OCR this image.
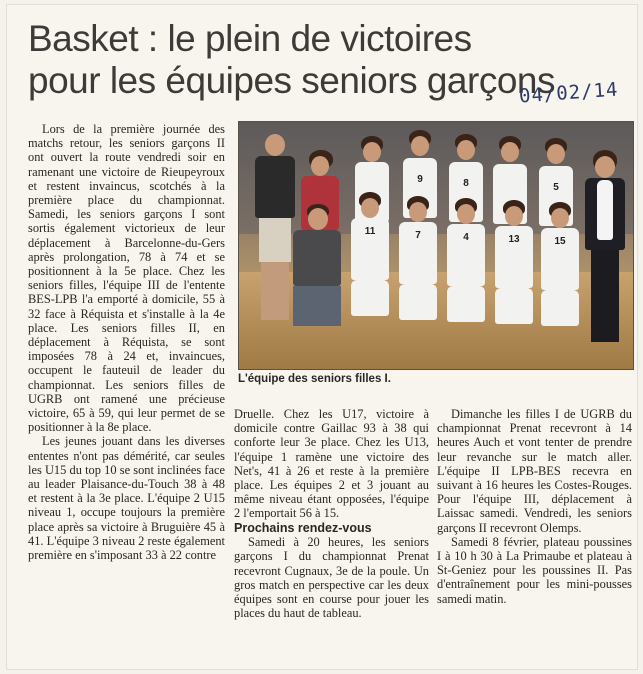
Basket : le plein de victoires
pour les équipes seniors garçons
04/02/14

Lors de la première journée des matchs retour, les seniors garçons II ont ouvert la route vendredi soir en ramenant une victoire de Rieupeyroux et restent invaincus, scotchés à la première place du championnat. Samedi, les seniors garçons I sont sortis également victorieux de leur déplacement à Barcelonne-du-Gers après prolongation, 78 à 74 et se positionnent à la 5e place. Chez les seniors filles, l'équipe III de l'entente BES-LPB l'a emporté à domicile, 55 à 32 face à Réquista et s'installe à la 4e place. Les seniors filles II, en déplacement à Réquista, se sont imposées 78 à 24 et, invaincues, occupent le fauteuil de leader du championnat. Les seniors filles de UGRB ont ramené une précieuse victoire, 65 à 59, qui leur permet de se positionner à la 8e place.

Les jeunes jouant dans les diverses ententes n'ont pas démérité, car seules les U15 du top 10 se sont inclinées face au leader Plaisance-du-Touch 38 à 48 et restent à la 3e place. L'équipe 2 U15 niveau 1, occupe toujours la première place après sa victoire à Bruguière 45 à 41. L'équipe 3 niveau 2 reste également première en s'imposant 33 à 22 contre

9	8	5
11	7	4	13	15
L'équipe des seniors filles I.

Druelle. Chez les U17, victoire à domicile contre Gaillac 93 à 38 qui conforte leur 3e place. Chez les U13, l'équipe 1 ramène une victoire des Net's, 41 à 26 et reste à la première place. Les équipes 2 et 3 jouant au même niveau étant opposées, l'équipe 2 l'emportait 56 à 15.

Prochains rendez-vous

Samedi à 20 heures, les seniors garçons I du championnat Prenat recevront Cugnaux, 3e de la poule. Un gros match en perspective car les deux équipes sont en course pour jouer les places du haut de tableau.

Dimanche les filles I de UGRB du championnat Prenat recevront à 14 heures Auch et vont tenter de prendre leur revanche sur le match aller. L'équipe II LPB-BES recevra en suivant à 16 heures les Costes-Rouges. Pour l'équipe III, déplacement à Laissac samedi. Vendredi, les seniors garçons II recevront Olemps.

Samedi 8 février, plateau poussines I à 10 h 30 à La Primaube et plateau à St-Geniez pour les poussines II. Pas d'entraînement pour les mini-pousses samedi matin.
